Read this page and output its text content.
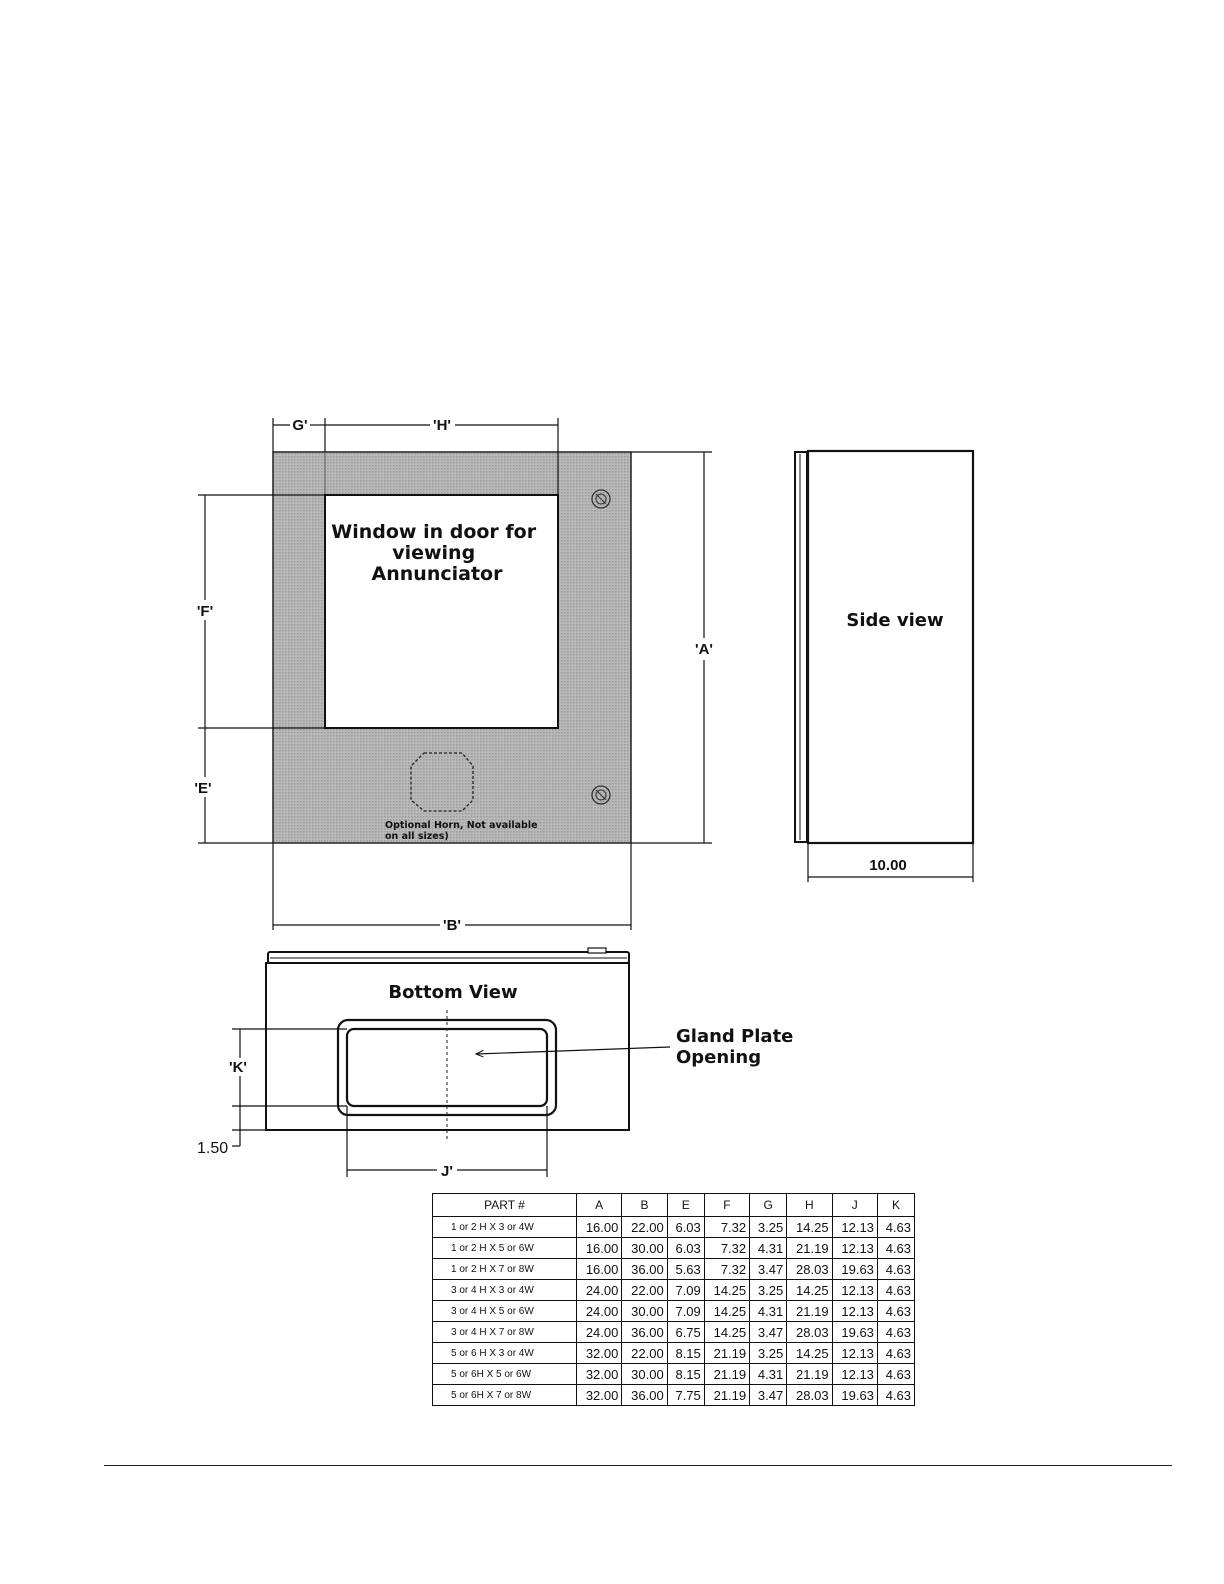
Window in door for viewing Annunciator
Optional Horn, Not available on all sizes)
G'	'H'
'A'
'F'
'E'
'B'
Side view
10.00
Bottom View
Gland Plate Opening
'K'
1.50
J'
PART #	A	B	E	F	G	H	J	K
1 or 2 H X 3 or 4W	16.00	22.00	6.03	7.32	3.25	14.25	12.13	4.63
1 or 2 H X 5 or 6W	16.00	30.00	6.03	7.32	4.31	21.19	12.13	4.63
1 or 2 H X 7 or 8W	16.00	36.00	5.63	7.32	3.47	28.03	19.63	4.63
3 or 4 H X 3 or 4W	24.00	22.00	7.09	14.25	3.25	14.25	12.13	4.63
3 or 4 H X 5 or 6W	24.00	30.00	7.09	14.25	4.31	21.19	12.13	4.63
3 or 4 H X 7 or 8W	24.00	36.00	6.75	14.25	3.47	28.03	19.63	4.63
5 or 6 H X 3 or 4W	32.00	22.00	8.15	21.19	3.25	14.25	12.13	4.63
5 or 6H X 5 or 6W	32.00	30.00	8.15	21.19	4.31	21.19	12.13	4.63
5 or 6H X 7 or 8W	32.00	36.00	7.75	21.19	3.47	28.03	19.63	4.63
